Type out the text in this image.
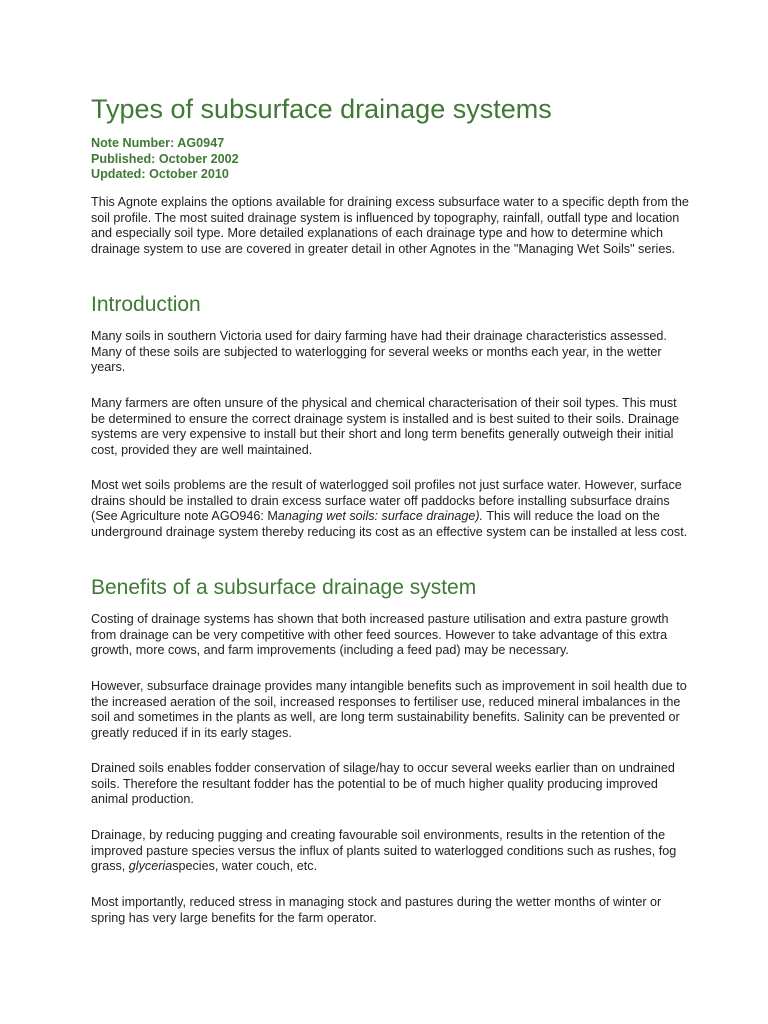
Types of subsurface drainage systems
Note Number: AG0947
Published: October 2002
Updated: October 2010

This Agnote explains the options available for draining excess subsurface water to a specific depth from the soil profile. The most suited drainage system is influenced by topography, rainfall, outfall type and location and especially soil type. More detailed explanations of each drainage type and how to determine which drainage system to use are covered in greater detail in other Agnotes in the "Managing Wet Soils" series.

Introduction

Many soils in southern Victoria used for dairy farming have had their drainage characteristics assessed. Many of these soils are subjected to waterlogging for several weeks or months each year, in the wetter years.

Many farmers are often unsure of the physical and chemical characterisation of their soil types. This must be determined to ensure the correct drainage system is installed and is best suited to their soils. Drainage systems are very expensive to install but their short and long term benefits generally outweigh their initial cost, provided they are well maintained.

Most wet soils problems are the result of waterlogged soil profiles not just surface water. However, surface drains should be installed to drain excess surface water off paddocks before installing subsurface drains (See Agriculture note AGO946: Managing wet soils: surface drainage). This will reduce the load on the underground drainage system thereby reducing its cost as an effective system can be installed at less cost.

Benefits of a subsurface drainage system

Costing of drainage systems has shown that both increased pasture utilisation and extra pasture growth from drainage can be very competitive with other feed sources. However to take advantage of this extra growth, more cows, and farm improvements (including a feed pad) may be necessary.

However, subsurface drainage provides many intangible benefits such as improvement in soil health due to the increased aeration of the soil, increased responses to fertiliser use, reduced mineral imbalances in the soil and sometimes in the plants as well, are long term sustainability benefits. Salinity can be prevented or greatly reduced if in its early stages.

Drained soils enables fodder conservation of silage/hay to occur several weeks earlier than on undrained soils. Therefore the resultant fodder has the potential to be of much higher quality producing improved animal production.

Drainage, by reducing pugging and creating favourable soil environments, results in the retention of the improved pasture species versus the influx of plants suited to waterlogged conditions such as rushes, fog grass, glyceriaspecies, water couch, etc.

Most importantly, reduced stress in managing stock and pastures during the wetter months of winter or spring has very large benefits for the farm operator.
